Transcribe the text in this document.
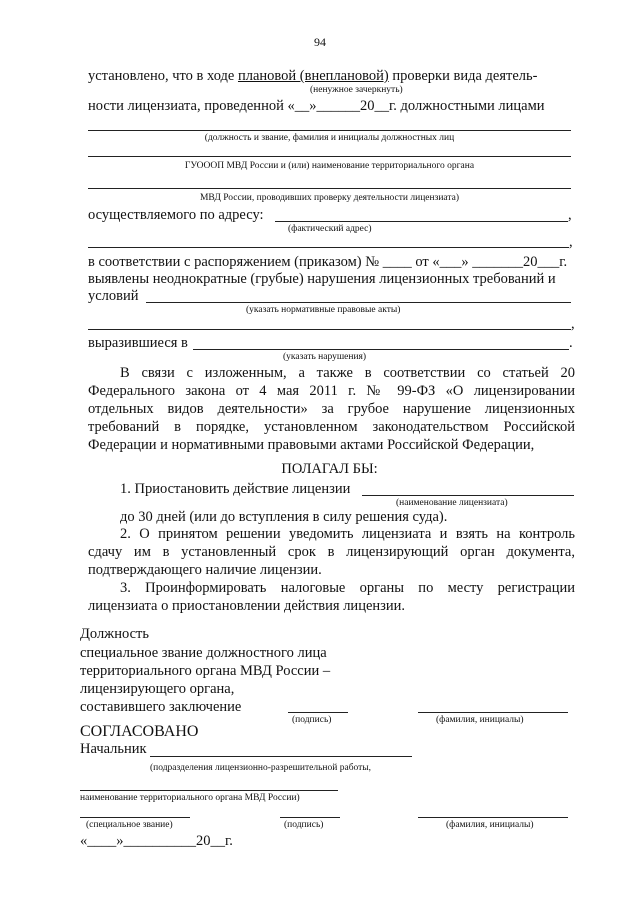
94
установлено, что в ходе плановой (внеплановой) проверки вида деятель-
(ненужное зачеркнуть)
ности лицензиата, проведенной «__»______20__г. должностными лицами
(должность и звание, фамилия и инициалы должностных лиц
ГУОООП МВД России и (или) наименование территориального органа
МВД России, проводивших проверку деятельности лицензиата)
осуществляемого по адресу:	,
(фактический адрес)
,
в соответствии с распоряжением (приказом) № ____ от «___» _______20___г.
выявлены неоднократные (грубые) нарушения лицензионных требований и
условий
(указать нормативные правовые акты)
,
выразившиеся в	.
(указать нарушения)
В связи с изложенным, а также в соответствии со статьей 20
Федерального закона от 4 мая 2011 г. № 99-ФЗ «О лицензировании
отдельных видов деятельности» за грубое нарушение лицензионных
требований в порядке, установленном законодательством Российской
Федерации и нормативными правовыми актами Российской Федерации,
ПОЛАГАЛ БЫ:
1. Приостановить действие лицензии
(наименование лицензиата)
до 30 дней (или до вступления в силу решения суда).
2. О принятом решении уведомить лицензиата и взять на контроль
сдачу им в установленный срок в лицензирующий орган документа,
подтверждающего наличие лицензии.
3. Проинформировать налоговые органы по месту регистрации
лицензиата о приостановлении действия лицензии.
Должность
специальное звание должностного лица
территориального органа МВД России –
лицензирующего органа,
составившего заключение
(подпись)	(фамилия, инициалы)
СОГЛАСОВАНО
Начальник
(подразделения лицензионно-разрешительной работы,
наименование территориального органа МВД России)
(специальное звание)	(подпись)	(фамилия, инициалы)
«____»__________20__г.
